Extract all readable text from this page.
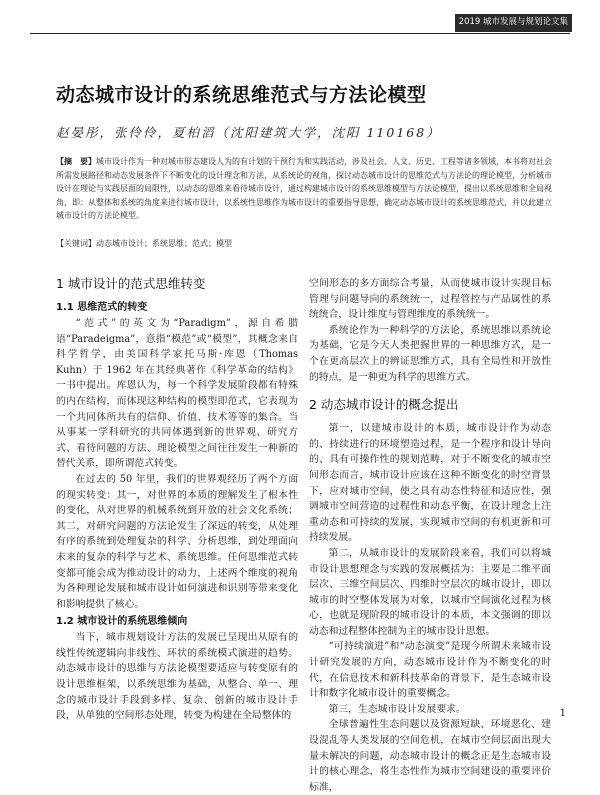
2019 城市发展与规划论文集
动态城市设计的系统思维范式与方法论模型
赵晏彤，张伶伶，夏柏滔（沈阳建筑大学，沈阳 110168）
【摘　要】城市设计作为一种对城市形态建设人为的有计划的干预行为和实践活动，涉及社会、人文、历史、工程等诸多领域，本书将对社会所需发展路径和动态发展条件下不断变化的设计理念和方法，从系统论的视角，探讨动态城市设计的思维范式与方法论的理论模型，分析城市设计在理论与实践层面的局限性，以动态的思维来看待城市设计，通过构建城市设计的系统思维模型与方法论模型，提出以系统思维和全局视角，即：从整体和系统的角度来进行城市设计，以系统性思维作为城市设计的重要指导思想，确定动态城市设计的系统思维范式，并以此建立城市设计的方法论模型。
【关键词】动态城市设计；系统思维；范式；模型
1 城市设计的范式思维转变
1.1 思维范式的转变

“范式”的英文为“Paradigm”，源自希腊语“Paradeigma”，意指“模范”或“模型”，其概念来自科学哲学，由美国科学家托马斯·库恩（Thomas Kuhn）于 1962 年在其经典著作《科学革命的结构》一书中提出。库恩认为，每一个科学发展阶段都有特殊的内在结构，而体现这种结构的模型即范式，它表现为一个共同体所共有的信仰、价值、技术等等的集合。当从事某一学科研究的共同体遇到新的世界观、研究方式、看待问题的方法、理论模型之间往往发生一种新的替代关系，即所谓范式转变。

在过去的 50 年里，我们的世界观经历了两个方面的现实转变：其一，对世界的本质的理解发生了根本性的变化，从对世界的机械系统到开放的社会文化系统；其二，对研究问题的方法论发生了深远的转变，从处理有序的系统到处理复杂的科学、分析思维，到处理面向未来的复杂的科学与艺术、系统思维。任何思维范式转变都可能会成为推动设计的动力，上述两个维度的视角为各种理论发展和城市设计如何演进和识别等带来变化和影响提供了核心。

1.2 城市设计的系统思维倾向

当下，城市规划设计方法的发展已呈现出从原有的线性传统逻辑向非线性、环状的系统模式演进的趋势。动态城市设计的思维与方法论模型要适应与转变原有的设计思维框架，以系统思维为基础，从整合、单一、理念的城市设计手段到多样、复杂、创新的城市设计手段，从单独的空间形态处理，转变为构建在全局整体的

空间形态的多方面综合考量，从而使城市设计实现目标管理与问题导向的系统统一，过程管控与产品属性的系统统合，设计维度与管理维度的系统统一。

系统论作为一种科学的方法论，系统思维以系统论为基础，它是今天人类把握世界的一种思维方式，是一个在更高层次上的辨证思维方式，具有全局性和开放性的特点，是一种更为科学的思维方式。

2 动态城市设计的概念提出

第一，以建城市设计的本质，城市设计作为动态的、持续进行的环境塑造过程，是一个程序和设计导向的、具有可操作性的规划范畴，对于不断变化的城市空间形态而言，城市设计应该在这种不断变化的时空背景下，应对城市空间，使之具有动态性特征和适应性，强调城市空间营造的过程性和动态平衡，在设计理念上注重动态和可持续的发展，实现城市空间的有机更新和可持续发展。

第二，从城市设计的发展阶段来看，我们可以将城市设计思想理念与实践的发展概括为：主要是二维平面层次、三维空间层次、四维时空层次的城市设计，即以城市的时空整体发展为对象，以城市空间演化过程为核心，也就是现阶段的城市设计的本质，本文强调的即以动态和过程整体控制为主的城市设计思想。

“可持续演进”和“动态演变”是现今所谓未来城市设计研究发展的方向，动态城市设计作为不断变化的时代，在信息技术和新科技革命的背景下，是生态城市设计和数字化城市设计的重要概念。

第三，生态城市设计发展要求。

全球普遍性生态问题以及资源短缺、环境恶化、建设混乱等人类发展的空间危机，在城市空间层面出现大量未解决的问题，动态城市设计的概念正是生态城市设计的核心理念，将生态性作为城市空间建设的重要评价标准，

1
